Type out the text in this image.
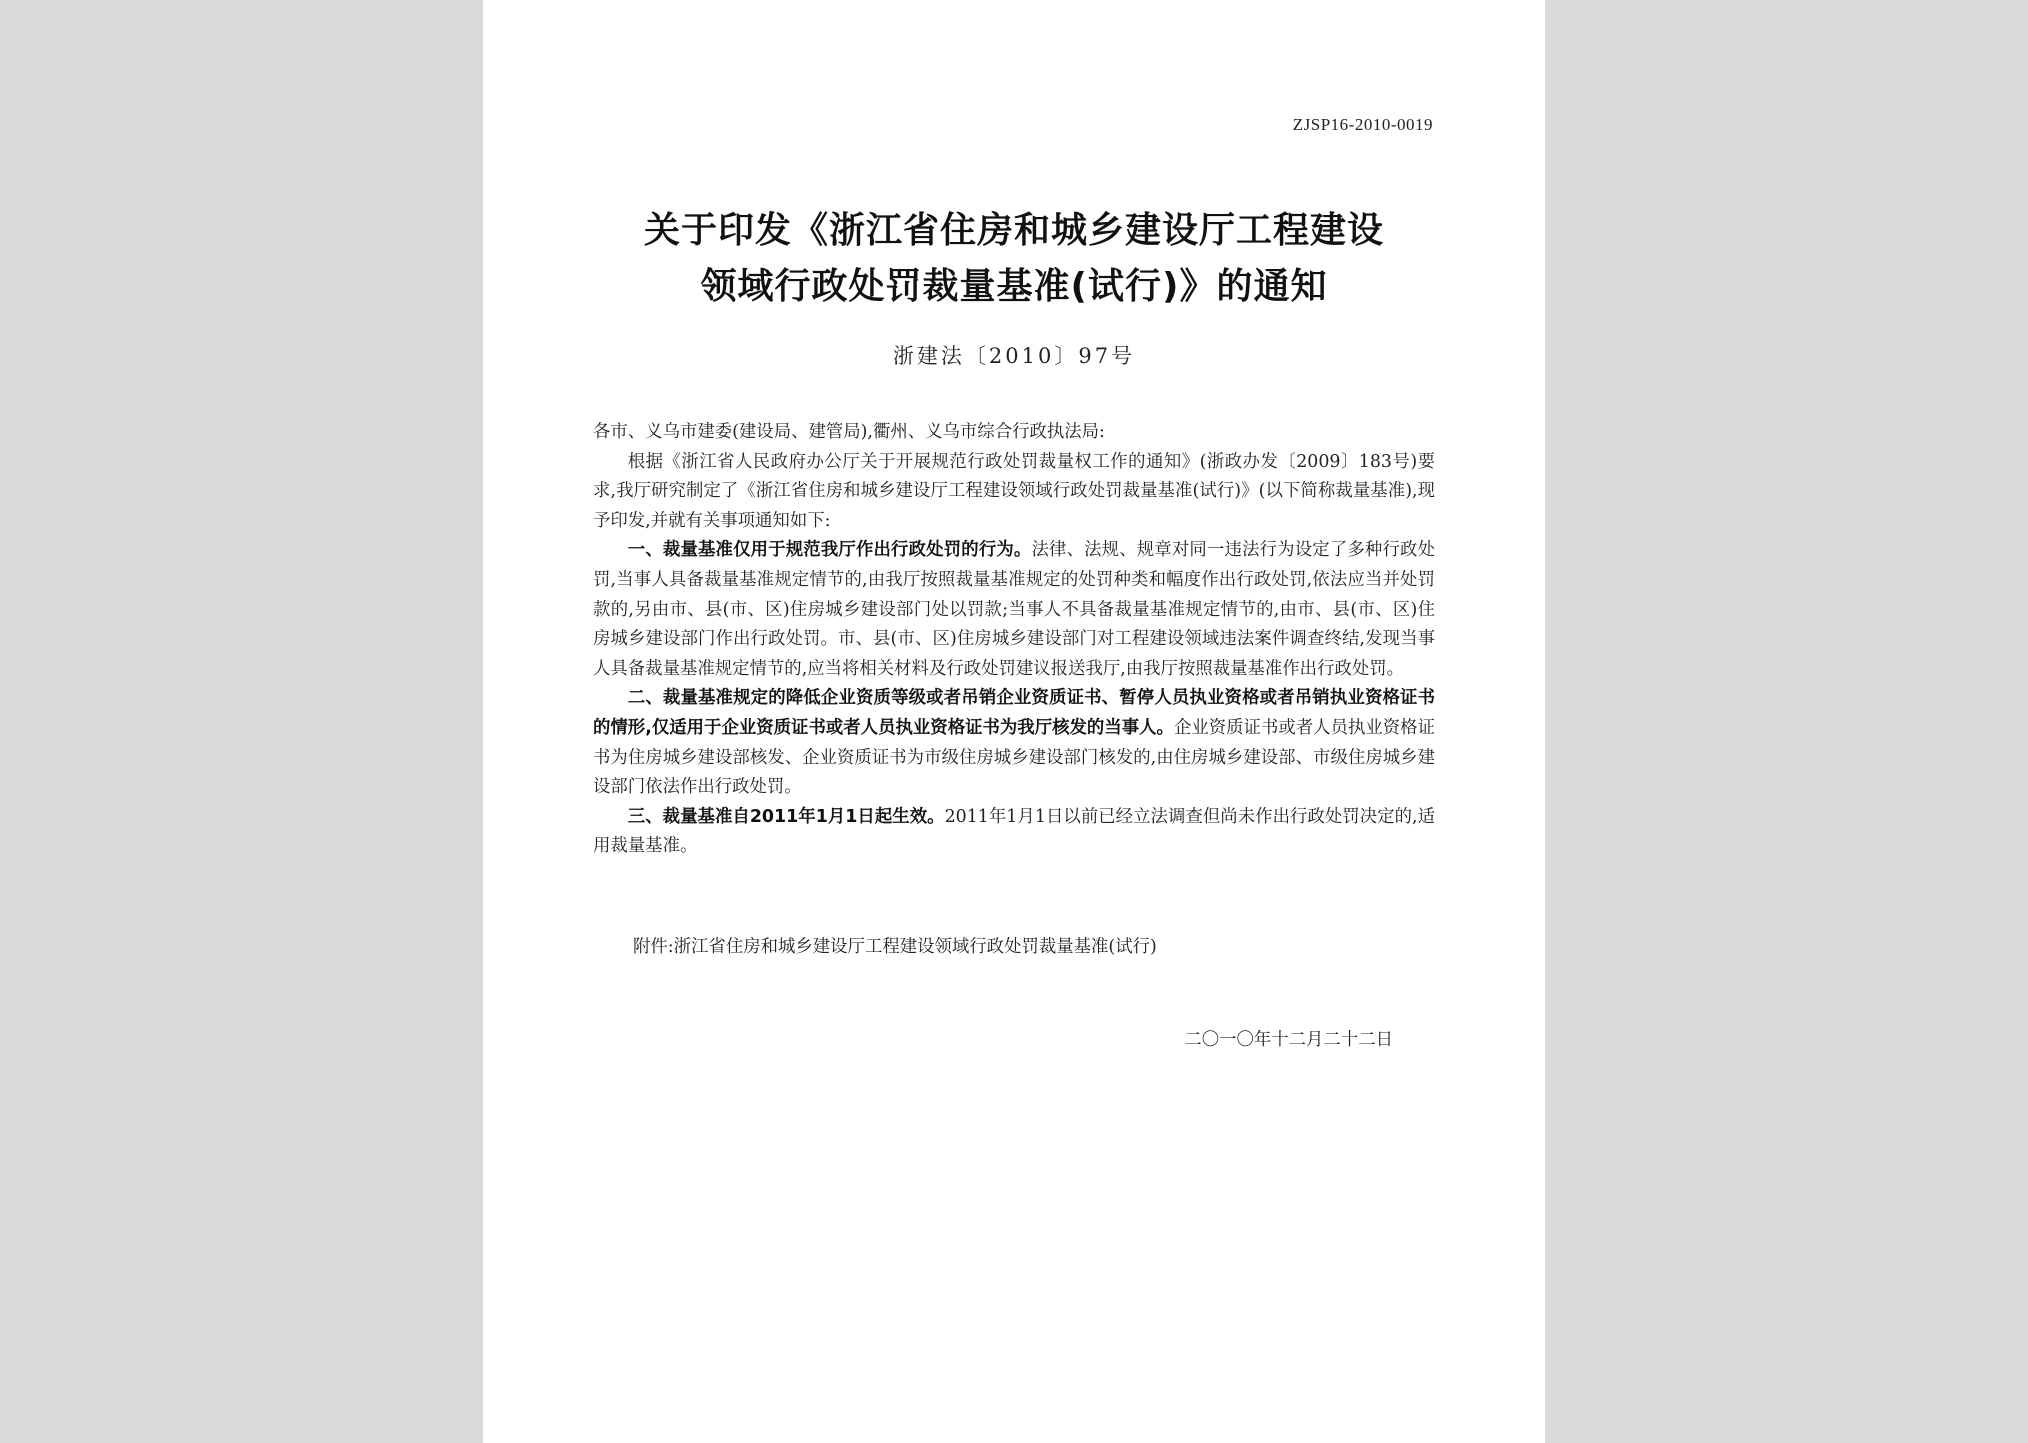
ZJSP16-2010-0019
关于印发《浙江省住房和城乡建设厅工程建设
领域行政处罚裁量基准(试行)》的通知
浙建法〔2010〕97号

各市、义乌市建委(建设局、建管局),衢州、义乌市综合行政执法局:

根据《浙江省人民政府办公厅关于开展规范行政处罚裁量权工作的通知》(浙政办发〔2009〕183号)要求,我厅研究制定了《浙江省住房和城乡建设厅工程建设领域行政处罚裁量基准(试行)》(以下简称裁量基准),现予印发,并就有关事项通知如下:

一、裁量基准仅用于规范我厅作出行政处罚的行为。法律、法规、规章对同一违法行为设定了多种行政处罚,当事人具备裁量基准规定情节的,由我厅按照裁量基准规定的处罚种类和幅度作出行政处罚,依法应当并处罚款的,另由市、县(市、区)住房城乡建设部门处以罚款;当事人不具备裁量基准规定情节的,由市、县(市、区)住房城乡建设部门作出行政处罚。市、县(市、区)住房城乡建设部门对工程建设领域违法案件调查终结,发现当事人具备裁量基准规定情节的,应当将相关材料及行政处罚建议报送我厅,由我厅按照裁量基准作出行政处罚。

二、裁量基准规定的降低企业资质等级或者吊销企业资质证书、暂停人员执业资格或者吊销执业资格证书的情形,仅适用于企业资质证书或者人员执业资格证书为我厅核发的当事人。企业资质证书或者人员执业资格证书为住房城乡建设部核发、企业资质证书为市级住房城乡建设部门核发的,由住房城乡建设部、市级住房城乡建设部门依法作出行政处罚。

三、裁量基准自2011年1月1日起生效。2011年1月1日以前已经立法调查但尚未作出行政处罚决定的,适用裁量基准。

附件:浙江省住房和城乡建设厅工程建设领域行政处罚裁量基准(试行)
二〇一〇年十二月二十二日
